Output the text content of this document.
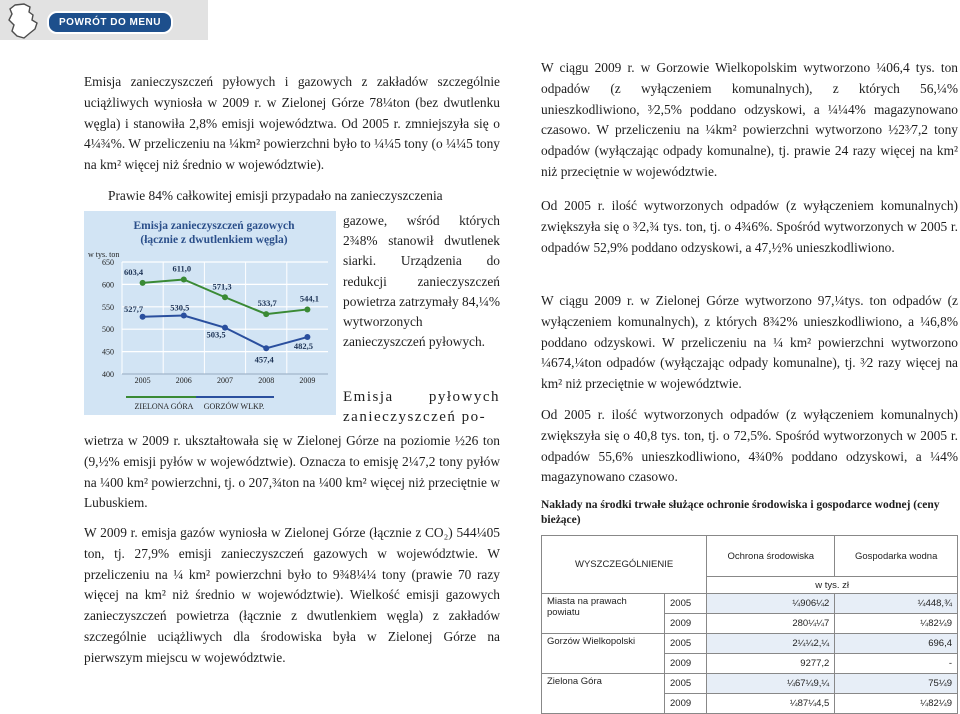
POWRÓT DO MENU
Emisja zanieczyszczeń pyłowych i gazowych z zakładów szczególnie uciążliwych wyniosła w 2009 r. w Zielonej Górze 78¼ton (bez dwutlenku węgla) i stanowiła 2,8% emisji województwa. Od 2005 r. zmniejszyła się o 4¼¾%. W przeliczeniu na ¼km² powierzchni było to ¼¼5 tony (o ¼¼5 tony na km² więcej niż średnio w województwie).
Prawie 84% całkowitej emisji przypadało na zanieczyszczenia
Emisja zanieczyszczeń gazowych
(łącznie z dwutlenkiem węgla)
w tys. ton
400
450
500
550
600
650
603,4	611,0
571,3
533,7	544,1
527,7	530,5
503,5
457,4
482,5
2005	2006	2007	2008	2009
ZIELONA GÓRA GORZÓW WLKP.
gazowe, wśród których 2¾8% stanowił dwutlenek siarki. Urządzenia do redukcji zanieczyszczeń powietrza zatrzymały 84,¼% wytworzonych zanieczyszczeń pyłowych.
Emisja pyłowych zanieczyszczeń po-
wietrza w 2009 r. ukształtowała się w Zielonej Górze na poziomie ½26 ton (9,½% emisji pyłów w województwie). Oznacza to emisję 2¼7,2 tony pyłów na ¼00 km² powierzchni, tj. o 207,¾ton na ¼00 km² więcej niż przeciętnie w Lubuskiem.
W 2009 r. emisja gazów wyniosła w Zielonej Górze (łącznie z CO₂) 544¼05 ton, tj. 27,9% emisji zanieczyszczeń gazowych w województwie. W przeliczeniu na ¼ km² powierzchni było to 9¾8¼¼ tony (prawie 70 razy więcej na km² niż średnio w województwie). Wielkość emisji gazowych zanieczyszczeń powietrza (łącznie z dwutlenkiem węgla) z zakładów szczególnie uciążliwych dla środowiska była w Zielonej Górze na pierwszym miejscu w województwie.
W ciągu 2009 r. w Gorzowie Wielkopolskim wytworzono ¼06,4 tys. ton odpadów (z wyłączeniem komunalnych), z których 56,¼% unieszkodliwiono, ³⁄2,5% poddano odzyskowi, a ¼¼4% magazynowano czasowo. W przeliczeniu na ¼km² powierzchni wytworzono ½2³⁄7,2 tony odpadów (wyłączając odpady komunalne), tj. prawie 24 razy więcej na km² niż przeciętnie w województwie.
Od 2005 r. ilość wytworzonych odpadów (z wyłączeniem komunalnych) zwiększyła się o ³⁄2,¾ tys. ton, tj. o 4¾6%. Spośród wytworzonych w 2005 r. odpadów 52,9% poddano odzyskowi, a 47,½% unieszkodliwiono.
W ciągu 2009 r. w Zielonej Górze wytworzono 97,¼tys. ton odpadów (z wyłączeniem komunalnych), z których 8¾2% unieszkodliwiono, a ¼6,8% poddano odzyskowi. W przeliczeniu na ¼ km² powierzchni wytworzono ¼674,¼ton odpadów (wyłączając odpady komunalne), tj. ³⁄2 razy więcej na km² niż przeciętnie w województwie.
Od 2005 r. ilość wytworzonych odpadów (z wyłączeniem komunalnych) zwiększyła się o 40,8 tys. ton, tj. o 72,5%. Spośród wytworzonych w 2005 r. odpadów 55,6% unieszkodliwiono, 4¾0% poddano odzyskowi, a ¼4% magazynowano czasowo.
Nakłady na środki trwałe służące ochronie środowiska i gospodarce wodnej (ceny bieżące)
WYSZCZEGÓLNIENIE		Ochrona środowiska	Gospodarka wodna
		w tys. zł	
Miasta na prawach powiatu	2005	¼906¼2	¼448,¾
	2009	280¼¼7	¼82¼9
Gorzów Wielkopolski	2005	2¼¼2,¼	696,4
	2009	9277,2	-
Zielona Góra	2005	¼67¼9,¼	75¼9
	2009	¼87¼4,5	¼82¼9
